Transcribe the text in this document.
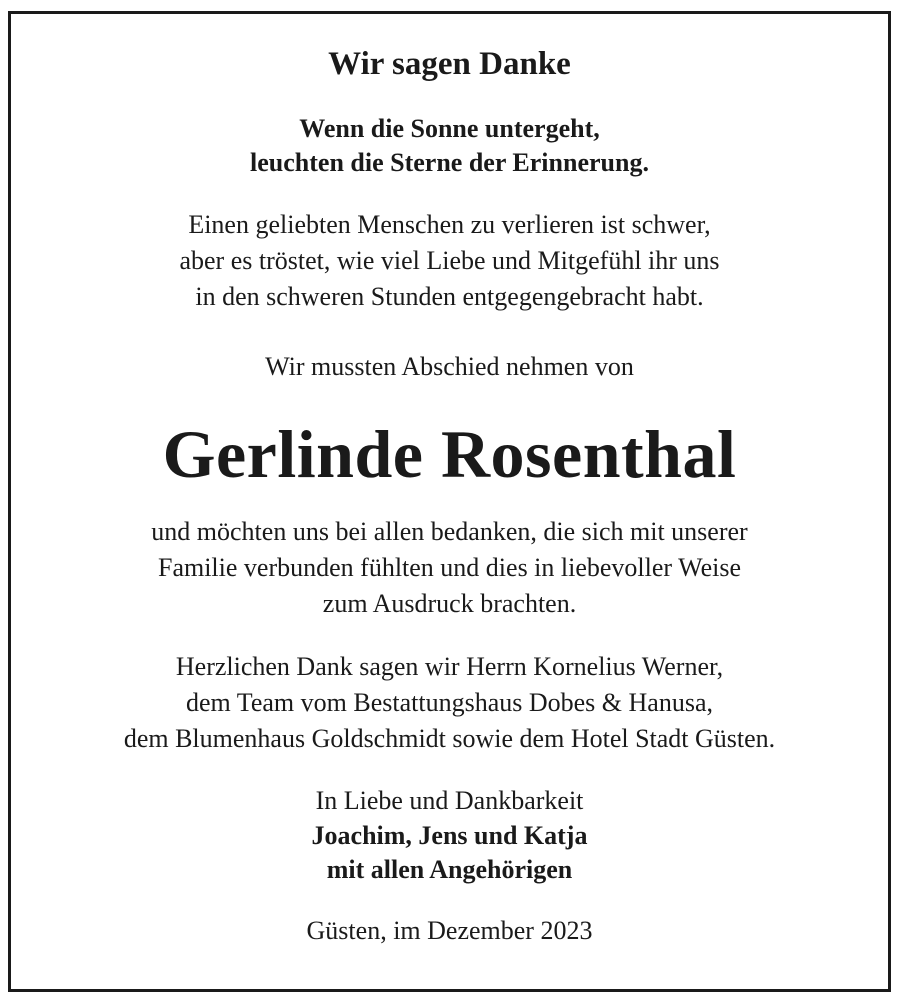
Wir sagen Danke
Wenn die Sonne untergeht,
leuchten die Sterne der Erinnerung.
Einen geliebten Menschen zu verlieren ist schwer,
aber es tröstet, wie viel Liebe und Mitgefühl ihr uns
in den schweren Stunden entgegengebracht habt.
Wir mussten Abschied nehmen von
Gerlinde Rosenthal
und möchten uns bei allen bedanken, die sich mit unserer
Familie verbunden fühlten und dies in liebevoller Weise
zum Ausdruck brachten.
Herzlichen Dank sagen wir Herrn Kornelius Werner,
dem Team vom Bestattungshaus Dobes & Hanusa,
dem Blumenhaus Goldschmidt sowie dem Hotel Stadt Güsten.
In Liebe und Dankbarkeit
Joachim, Jens und Katja
mit allen Angehörigen
Güsten, im Dezember 2023
